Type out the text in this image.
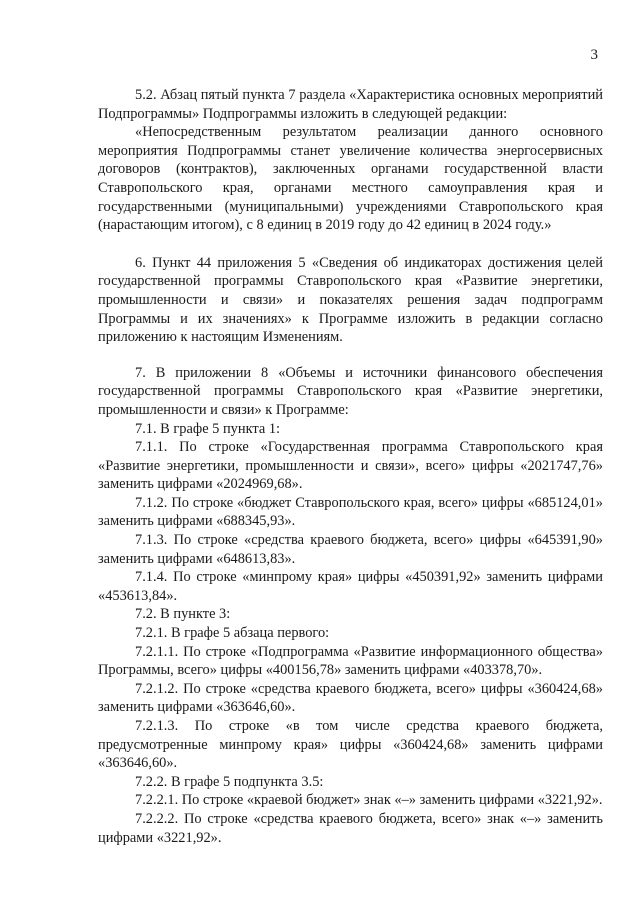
3

5.2. Абзац пятый пункта 7 раздела «Характеристика основных мероприятий Подпрограммы» Подпрограммы изложить в следующей редакции:

«Непосредственным результатом реализации данного основного мероприятия Подпрограммы станет увеличение количества энергосервисных договоров (контрактов), заключенных органами государственной власти Ставропольского края, органами местного самоуправления края и государственными (муниципальными) учреждениями Ставропольского края (нарастающим итогом), с 8 единиц в 2019 году до 42 единиц в 2024 году.»

6. Пункт 44 приложения 5 «Сведения об индикаторах достижения целей государственной программы Ставропольского края «Развитие энергетики, промышленности и связи» и показателях решения задач подпрограмм Программы и их значениях» к Программе изложить в редакции согласно приложению к настоящим Изменениям.

7. В приложении 8 «Объемы и источники финансового обеспечения государственной программы Ставропольского края «Развитие энергетики, промышленности и связи» к Программе:

7.1. В графе 5 пункта 1:

7.1.1. По строке «Государственная программа Ставропольского края «Развитие энергетики, промышленности и связи», всего» цифры «2021747,76» заменить цифрами «2024969,68».

7.1.2. По строке «бюджет Ставропольского края, всего» цифры «685124,01» заменить цифрами «688345,93».

7.1.3. По строке «средства краевого бюджета, всего» цифры «645391,90» заменить цифрами «648613,83».

7.1.4. По строке «минпрому края» цифры «450391,92» заменить цифрами «453613,84».

7.2. В пункте 3:

7.2.1. В графе 5 абзаца первого:

7.2.1.1. По строке «Подпрограмма «Развитие информационного общества» Программы, всего» цифры «400156,78» заменить цифрами «403378,70».

7.2.1.2. По строке «средства краевого бюджета, всего» цифры «360424,68» заменить цифрами «363646,60».

7.2.1.3. По строке «в том числе средства краевого бюджета, предусмотренные минпрому края» цифры «360424,68» заменить цифрами «363646,60».

7.2.2. В графе 5 подпункта 3.5:

7.2.2.1. По строке «краевой бюджет» знак «–» заменить цифрами «3221,92».

7.2.2.2. По строке «средства краевого бюджета, всего» знак «–» заменить цифрами «3221,92».
